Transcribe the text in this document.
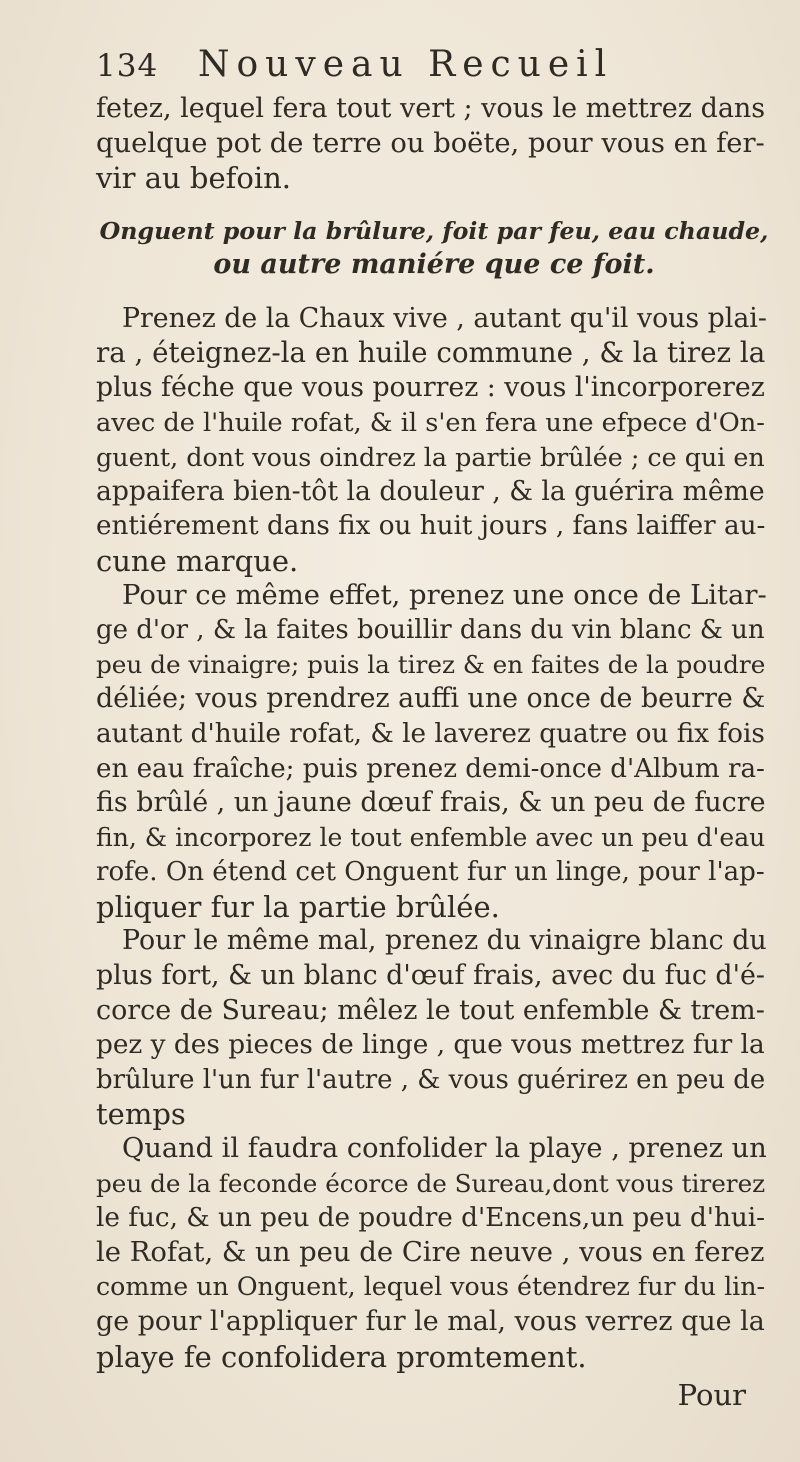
134 Nouveau Recueil
fetez, lequel fera tout vert ; vous le mettrez dans
quelque pot de terre ou boëte, pour vous en fer-
vir au befoin.
Onguent pour la brûlure, foit par feu, eau chaude,
ou autre maniére que ce foit.
Prenez de la Chaux vive , autant qu'il vous plai-
ra , éteignez-la en huile commune , & la tirez la
plus féche que vous pourrez : vous l'incorporerez
avec de l'huile rofat, & il s'en fera une efpece d'On-
guent, dont vous oindrez la partie brûlée ; ce qui en
appaifera bien-tôt la douleur , & la guérira même
entiérement dans fix ou huit jours , fans laiffer au-
cune marque.
Pour ce même effet, prenez une once de Litar-
ge d'or , & la faites bouillir dans du vin blanc & un
peu de vinaigre; puis la tirez & en faites de la poudre
déliée; vous prendrez auffi une once de beurre &
autant d'huile rofat, & le laverez quatre ou fix fois
en eau fraîche; puis prenez demi-once d'Album ra-
fis brûlé , un jaune dœuf frais, & un peu de fucre
fin, & incorporez le tout enfemble avec un peu d'eau
rofe. On étend cet Onguent fur un linge, pour l'ap-
pliquer fur la partie brûlée.
Pour le même mal, prenez du vinaigre blanc du
plus fort, & un blanc d'œuf frais, avec du fuc d'é-
corce de Sureau; mêlez le tout enfemble & trem-
pez y des pieces de linge , que vous mettrez fur la
brûlure l'un fur l'autre , & vous guérirez en peu de
temps
Quand il faudra confolider la playe , prenez un
peu de la feconde écorce de Sureau,dont vous tirerez
le fuc, & un peu de poudre d'Encens,un peu d'hui-
le Rofat, & un peu de Cire neuve , vous en ferez
comme un Onguent, lequel vous étendrez fur du lin-
ge pour l'appliquer fur le mal, vous verrez que la
playe fe confolidera promtement.
Pour
